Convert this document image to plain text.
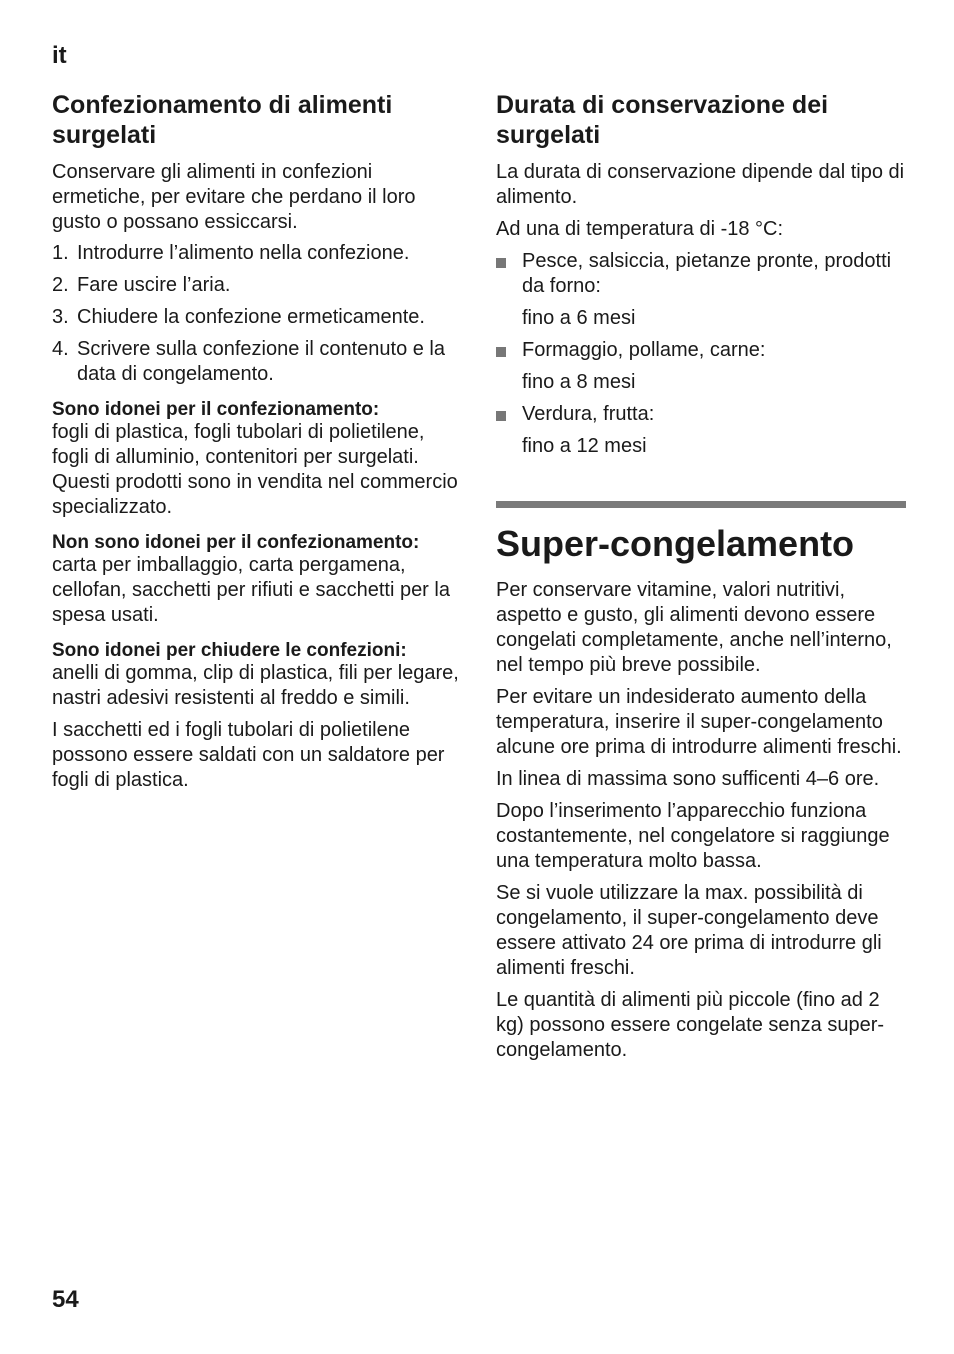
it
Confezionamento di alimenti surgelati

Conservare gli alimenti in confezioni ermetiche, per evitare che perdano il loro gusto o possano essiccarsi.

1. Introdurre l’alimento nella confezione.
2. Fare uscire l’aria.
3. Chiudere la confezione ermeticamente.
4. Scrivere sulla confezione il contenuto e la data di congelamento.
Sono idonei per il confezionamento:

fogli di plastica, fogli tubolari di polietilene, fogli di alluminio, contenitori per surgelati.

Questi prodotti sono in vendita nel commercio specializzato.

Non sono idonei per il confezionamento:

carta per imballaggio, carta pergamena, cellofan, sacchetti per rifiuti e sacchetti per la spesa usati.

Sono idonei per chiudere le confezioni:

anelli di gomma, clip di plastica, fili per legare, nastri adesivi resistenti al freddo e simili.

I sacchetti ed i fogli tubolari di polietilene possono essere saldati con un saldatore per fogli di plastica.

Durata di conservazione dei surgelati

La durata di conservazione dipende dal tipo di alimento.

Ad una di temperatura di -18 °C:

Pesce, salsiccia, pietanze pronte, prodotti da forno:
fino a 6 mesi
Formaggio, pollame, carne:
fino a 8 mesi
Verdura, frutta:
fino a 12 mesi
Super-congelamento

Per conservare vitamine, valori nutritivi, aspetto e gusto, gli alimenti devono essere congelati completamente, anche nell’interno, nel tempo più breve possibile.

Per evitare un indesiderato aumento della temperatura, inserire il super-congelamento alcune ore prima di introdurre alimenti freschi.

In linea di massima sono sufficenti 4–6 ore.

Dopo l’inserimento l’apparecchio funziona costantemente, nel congelatore si raggiunge una temperatura molto bassa.

Se si vuole utilizzare la max. possibilità di congelamento, il super-congelamento deve essere attivato 24 ore prima di introdurre gli alimenti freschi.

Le quantità di alimenti più piccole (fino ad 2 kg) possono essere congelate senza super-congelamento.

54
